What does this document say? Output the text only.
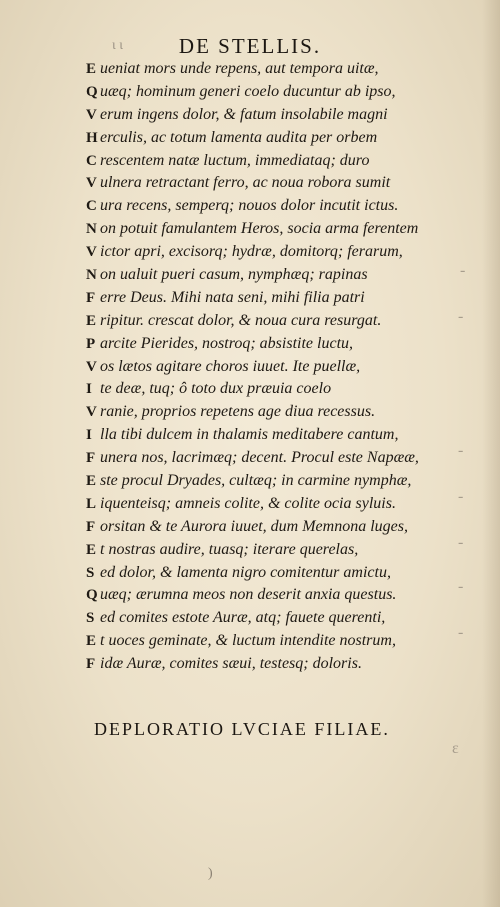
ι ι	DE STELLIS.
E ueniat mors unde repens, aut tempora uitæ,
Q uæq; hominum generi coelo ducuntur ab ipso,
V erum ingens dolor, & fatum insolabile magni
H erculis, ac totum lamenta audita per orbem
C rescentem natæ luctum, immediataq; duro
V ulnera retractant ferro, ac noua robora sumit
C ura recens, semperq; nouos dolor incutit ictus.
N on potuit famulantem Heros, socia arma ferentem
V ictor apri, excisorq; hydræ, domitorq; ferarum,
N on ualuit pueri casum, nymphæq; rapinas
F erre Deus. Mihi nata seni, mihi filia patri
E ripitur. crescat dolor, & noua cura resurgat.
P arcite Pierides, nostroq; absistite luctu,
V os lætos agitare choros iuuet. Ite puellæ,
I te deæ, tuq; ô toto dux præuia coelo
V ranie, proprios repetens age diua recessus.
I lla tibi dulcem in thalamis meditabere cantum,
F unera nos, lacrimæq; decent. Procul este Napææ,
E ste procul Dryades, cultæq; in carmine nymphæ,
L iquenteisq; amneis colite, & colite ocia syluis.
F orsitan & te Aurora iuuet, dum Memnona luges,
E t nostras audire, tuasq; iterare querelas,
S ed dolor, & lamenta nigro comitentur amictu,
Q uæq; ærumna meos non deserit anxia questus.
S ed comites estote Auræ, atq; fauete querenti,
E t uoces geminate, & luctum intendite nostrum,
F idæ Auræ, comites sæui, testesq; doloris.
DEPLORATIO LVCIAE FILIAE.
-
-
-
-
-
-
-
ε
)
